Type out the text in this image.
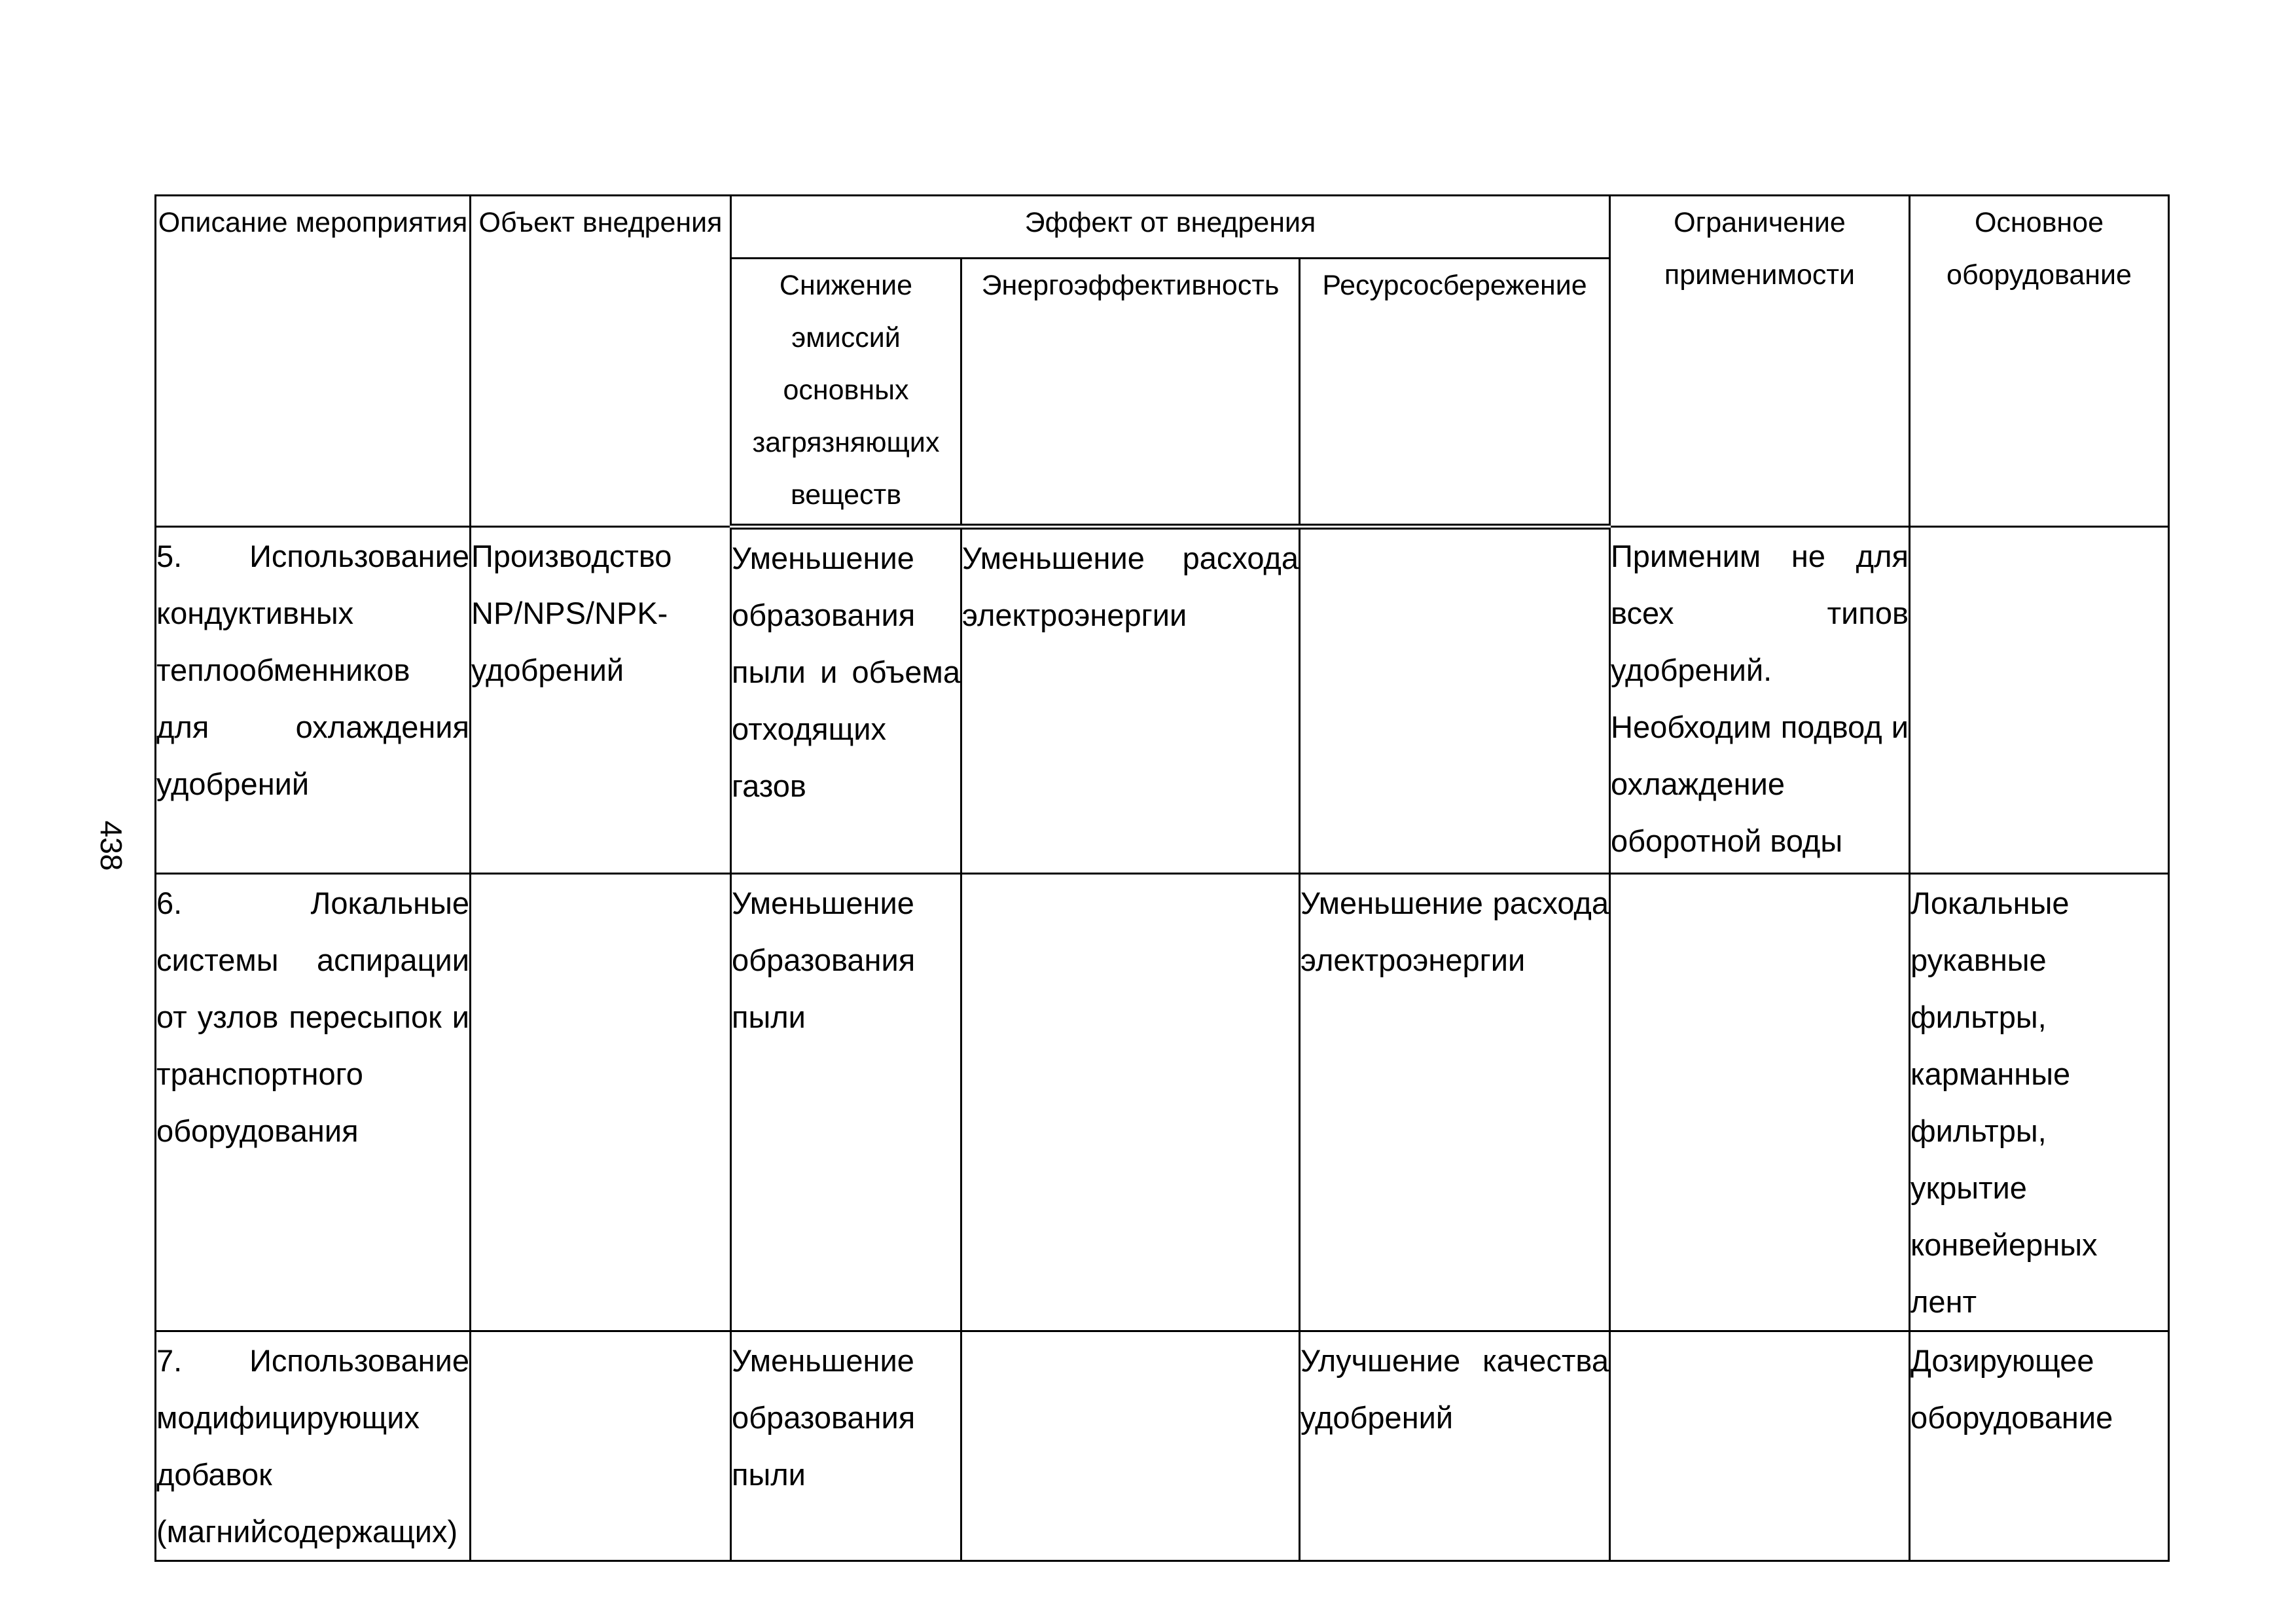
438
Описание мероприятия	Объект внедрения	Эффект от внедрения			Ограничение применимости	Основное оборудование

		Снижение эмиссий основных загрязняющих веществ	Энергоэффективность	Ресурсосбережение		
5. Использование кондуктивных теплообменников для охлаждения удобрений	Производство NP/NPS/NPK-удобрений	Уменьшение образования пыли и объема отходящих газов	Уменьшение расхода электроэнергии		Применим не для всех типов удобрений. Необходим подвод и охлаждение оборотной воды	
6. Локальные системы аспирации от узлов пересыпок и транспортного оборудования		Уменьшение образования пыли		Уменьшение расхода электроэнергии		Локальные рукавные фильтры, карманные фильтры, укрытие конвейерных лент
7. Использование модифицирующих добавок (магнийсодержащих)		Уменьшение образования пыли		Улучшение качества удобрений		Дозирующее оборудование
